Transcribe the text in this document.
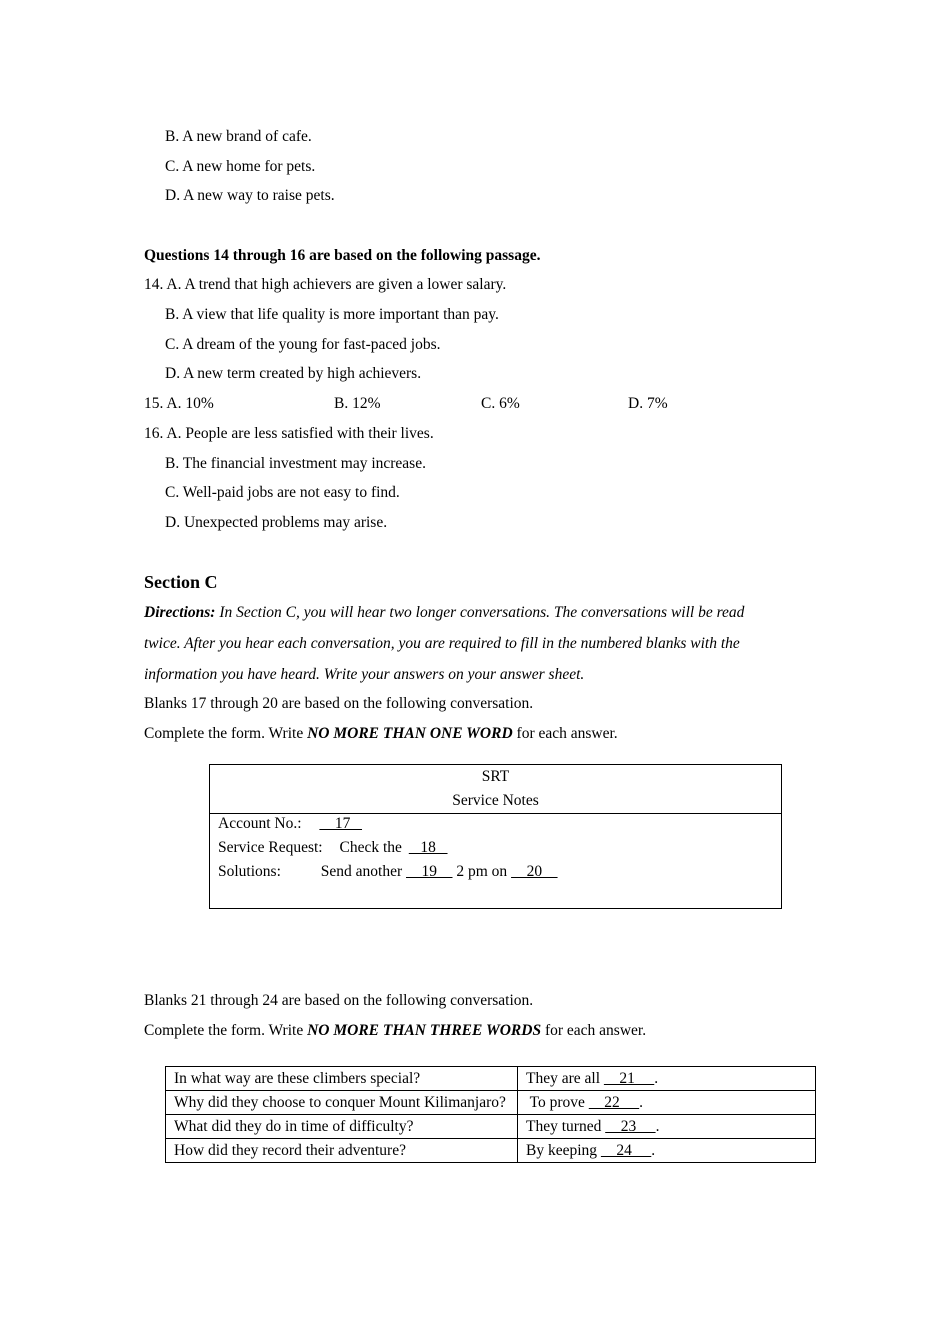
B. A new brand of cafe.
C. A new home for pets.
D. A new way to raise pets.
Questions 14 through 16 are based on the following passage.
14. A. A trend that high achievers are given a lower salary.
B. A view that life quality is more important than pay.
C. A dream of the young for fast-paced jobs.
D. A new term created by high achievers.
15. A. 10%	B. 12%	C. 6%	D. 7%
16. A. People are less satisfied with their lives.
B. The financial investment may increase.
C. Well-paid jobs are not easy to find.
D. Unexpected problems may arise.
Section C
Directions: In Section C, you will hear two longer conversations. The conversations will be read
twice. After you hear each conversation, you are required to fill in the numbered blanks with the
information you have heard. Write your answers on your answer sheet.
Blanks 17 through 20 are based on the following conversation.
Complete the form. Write NO MORE THAN ONE WORD for each answer.
SRT
Service Notes
Account No.:     17
Service Request: Check the    18
Solutions:	Send another     19     2 pm on     20
Blanks 21 through 24 are based on the following conversation.
Complete the form. Write NO MORE THAN THREE WORDS for each answer.
In what way are these climbers special?	They are all     21     .
Why did they choose to conquer Mount Kilimanjaro?	To prove     22     .
What did they do in time of difficulty?	They turned     23     .
How did they record their adventure?	By keeping     24     .
